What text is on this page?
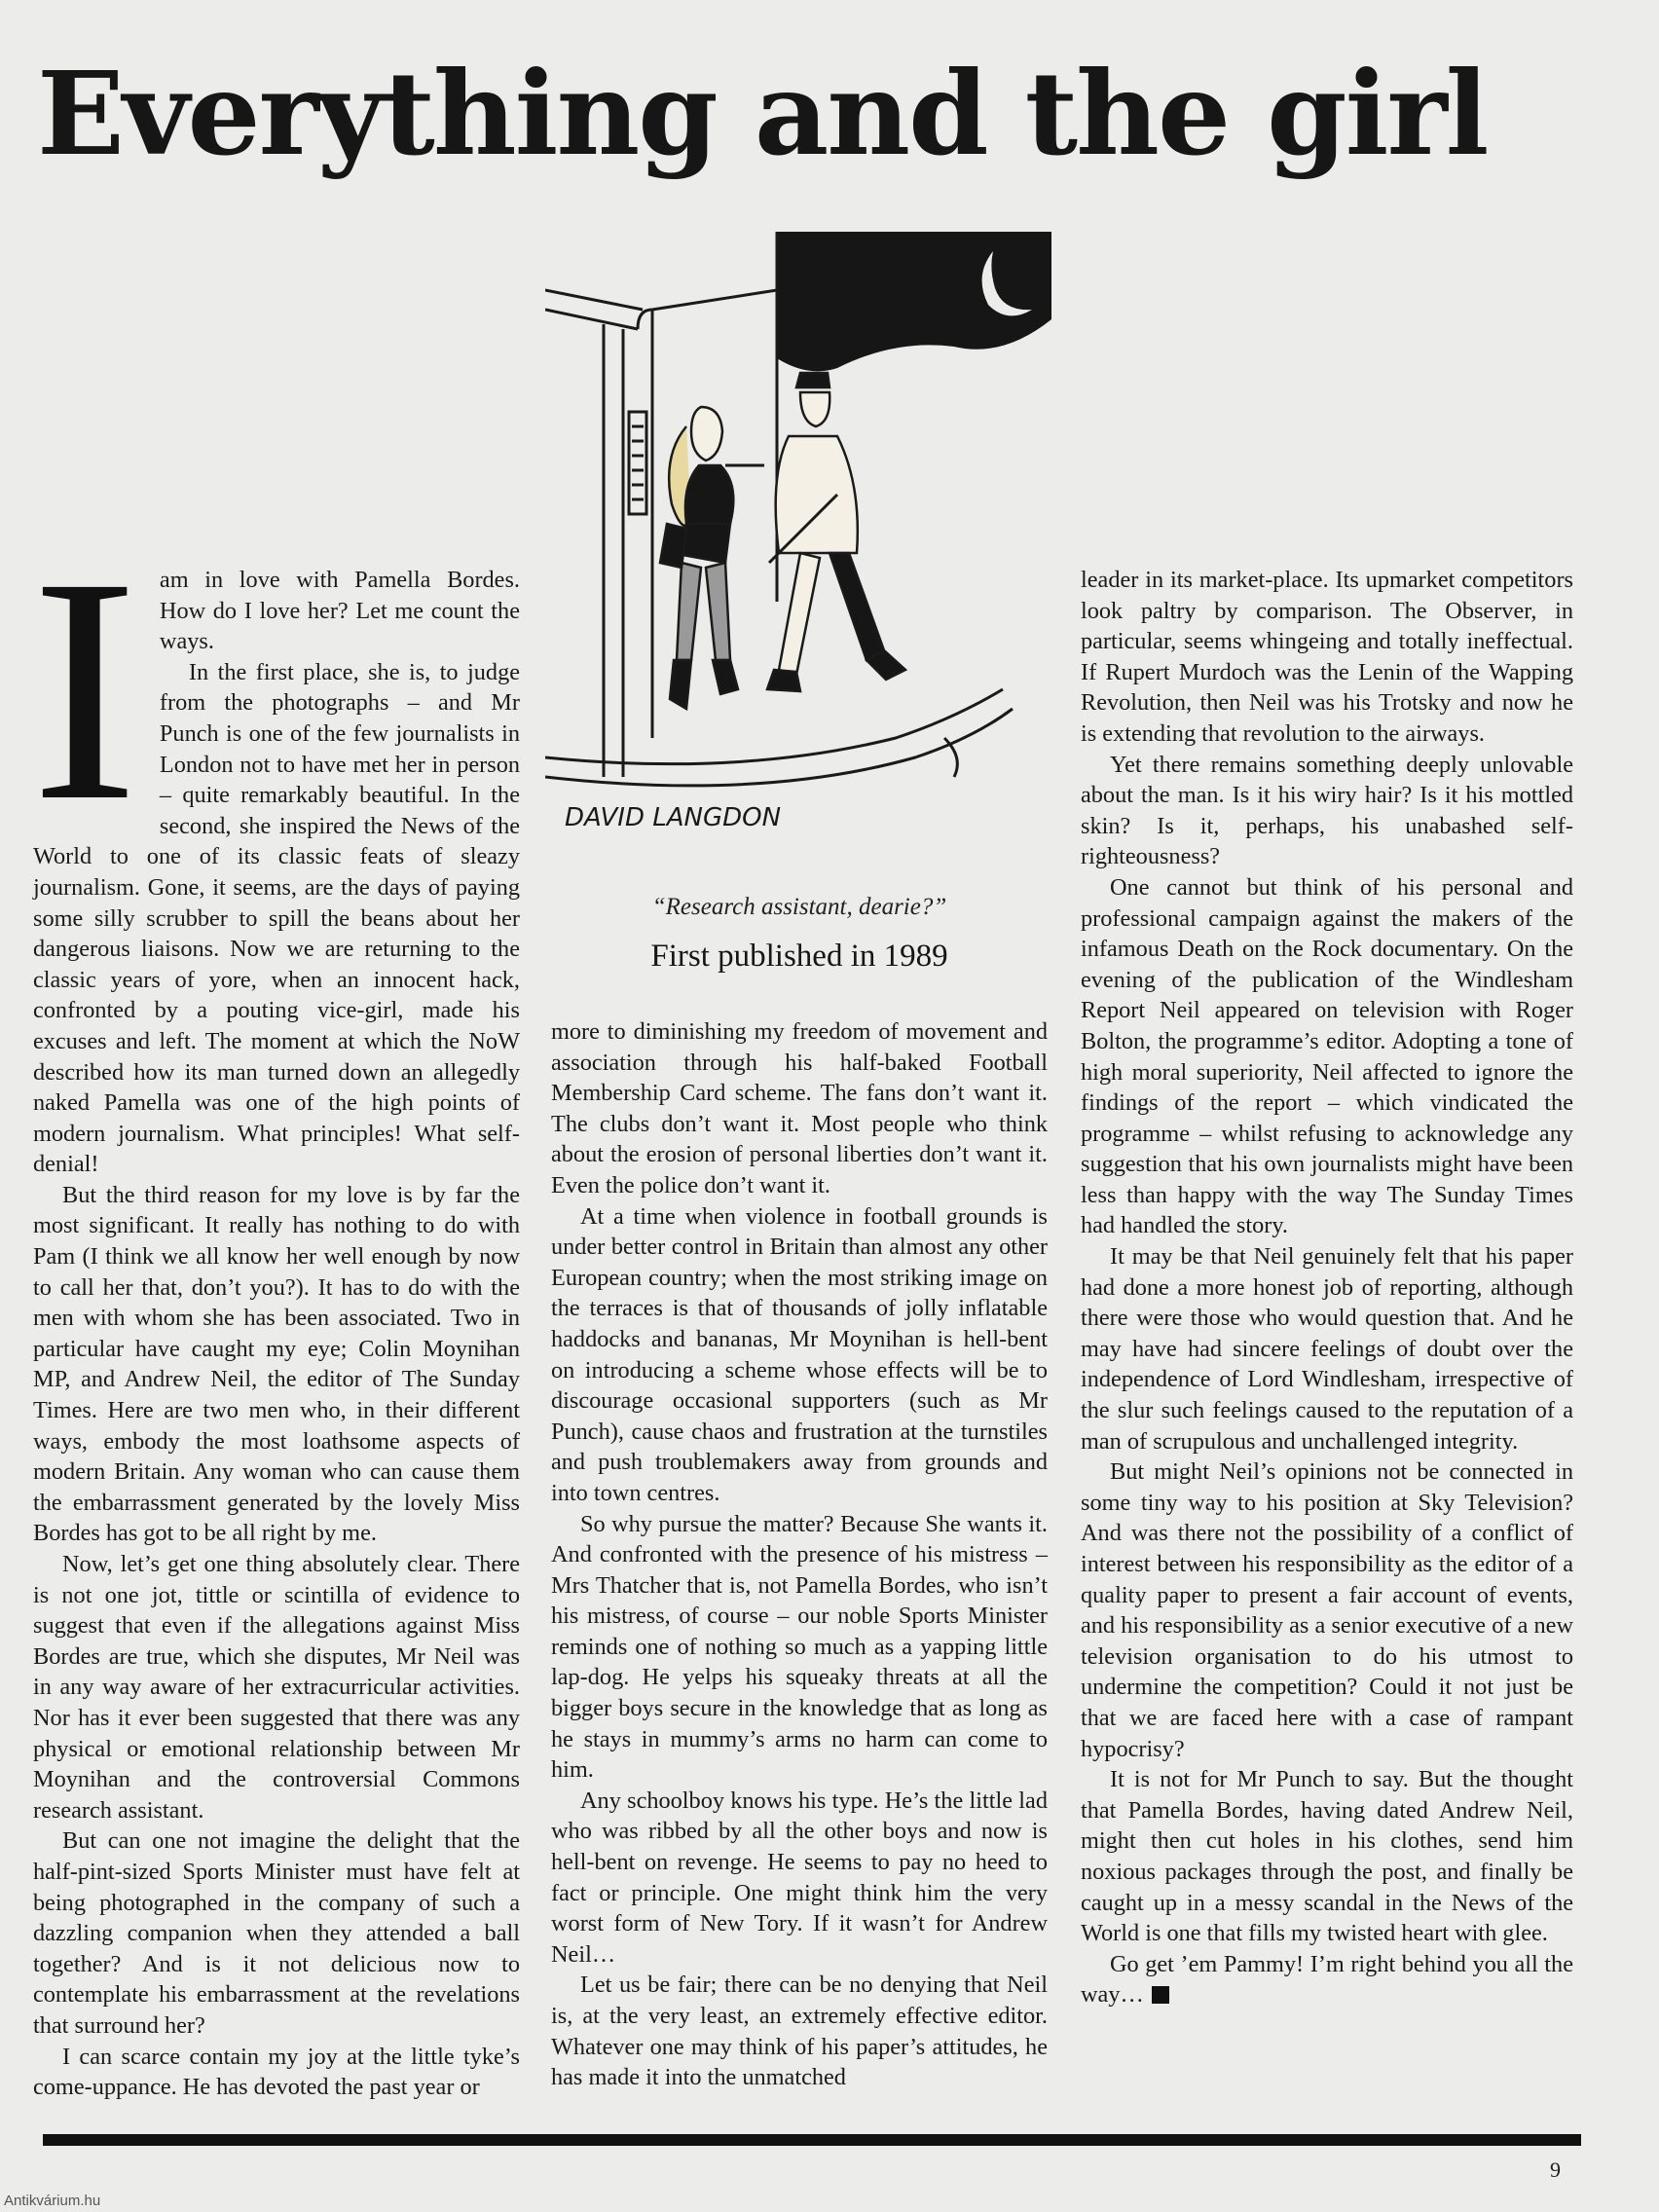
Everything and the girl
DAVID LANGDON
“Research assistant, dearie?”
First published in 1989
I am in love with Pamella Bordes. How do I love her? Let me count the ways.

In the first place, she is, to judge from the photographs – and Mr Punch is one of the few journalists in London not to have met her in person – quite remarkably beautiful. In the second, she inspired the News of the World to one of its classic feats of sleazy journalism. Gone, it seems, are the days of paying some silly scrubber to spill the beans about her dangerous liaisons. Now we are returning to the classic years of yore, when an innocent hack, confronted by a pouting vice-girl, made his excuses and left. The moment at which the NoW described how its man turned down an allegedly naked Pamella was one of the high points of modern journalism. What principles! What self-denial!

But the third reason for my love is by far the most significant. It really has nothing to do with Pam (I think we all know her well enough by now to call her that, don’t you?). It has to do with the men with whom she has been associated. Two in particular have caught my eye; Colin Moynihan MP, and Andrew Neil, the editor of The Sunday Times. Here are two men who, in their different ways, embody the most loathsome aspects of modern Britain. Any woman who can cause them the embarrassment generated by the lovely Miss Bordes has got to be all right by me.

Now, let’s get one thing absolutely clear. There is not one jot, tittle or scintilla of evidence to suggest that even if the allegations against Miss Bordes are true, which she disputes, Mr Neil was in any way aware of her extracurricular activities. Nor has it ever been suggested that there was any physical or emotional relationship between Mr Moynihan and the controversial Commons research assistant.

But can one not imagine the delight that the half-pint-sized Sports Minister must have felt at being photographed in the company of such a dazzling companion when they attended a ball together? And is it not delicious now to contemplate his embarrassment at the revelations that surround her?

I can scarce contain my joy at the little tyke’s come-uppance. He has devoted the past year or

more to diminishing my freedom of movement and association through his half-baked Football Membership Card scheme. The fans don’t want it. The clubs don’t want it. Most people who think about the erosion of personal liberties don’t want it. Even the police don’t want it.

At a time when violence in football grounds is under better control in Britain than almost any other European country; when the most striking image on the terraces is that of thousands of jolly inflatable haddocks and bananas, Mr Moynihan is hell-bent on introducing a scheme whose effects will be to discourage occasional supporters (such as Mr Punch), cause chaos and frustration at the turnstiles and push troublemakers away from grounds and into town centres.

So why pursue the matter? Because She wants it. And confronted with the presence of his mistress – Mrs Thatcher that is, not Pamella Bordes, who isn’t his mistress, of course – our noble Sports Minister reminds one of nothing so much as a yapping little lap-dog. He yelps his squeaky threats at all the bigger boys secure in the knowledge that as long as he stays in mummy’s arms no harm can come to him.

Any schoolboy knows his type. He’s the little lad who was ribbed by all the other boys and now is hell-bent on revenge. He seems to pay no heed to fact or principle. One might think him the very worst form of New Tory. If it wasn’t for Andrew Neil…

Let us be fair; there can be no denying that Neil is, at the very least, an extremely effective editor. Whatever one may think of his paper’s attitudes, he has made it into the unmatched

leader in its market-place. Its upmarket competitors look paltry by comparison. The Observer, in particular, seems whingeing and totally ineffectual. If Rupert Murdoch was the Lenin of the Wapping Revolution, then Neil was his Trotsky and now he is extending that revolution to the airways.

Yet there remains something deeply unlovable about the man. Is it his wiry hair? Is it his mottled skin? Is it, perhaps, his unabashed self-righteousness?

One cannot but think of his personal and professional campaign against the makers of the infamous Death on the Rock documentary. On the evening of the publication of the Windlesham Report Neil appeared on television with Roger Bolton, the programme’s editor. Adopting a tone of high moral superiority, Neil affected to ignore the findings of the report – which vindicated the programme – whilst refusing to acknowledge any suggestion that his own journalists might have been less than happy with the way The Sunday Times had handled the story.

It may be that Neil genuinely felt that his paper had done a more honest job of reporting, although there were those who would question that. And he may have had sincere feelings of doubt over the independence of Lord Windlesham, irrespective of the slur such feelings caused to the reputation of a man of scrupulous and unchallenged integrity.

But might Neil’s opinions not be connected in some tiny way to his position at Sky Television? And was there not the possibility of a conflict of interest between his responsibility as the editor of a quality paper to present a fair account of events, and his responsibility as a senior executive of a new television organisation to do his utmost to undermine the competition? Could it not just be that we are faced here with a case of rampant hypocrisy?

It is not for Mr Punch to say. But the thought that Pamella Bordes, having dated Andrew Neil, might then cut holes in his clothes, send him noxious packages through the post, and finally be caught up in a messy scandal in the News of the World is one that fills my twisted heart with glee.

Go get ’em Pammy! I’m right behind you all the way…

9
Antikvárium.hu
